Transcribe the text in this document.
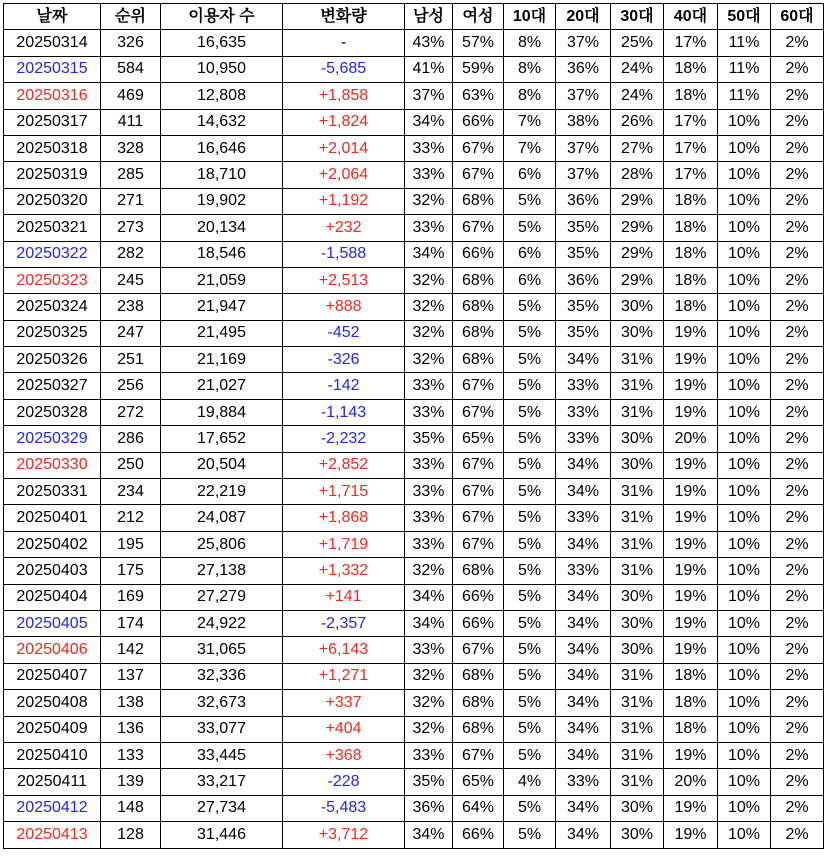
날짜	순위	이용자 수	변화량	남성	여성	10대	20대	30대	40대	50대	60대
20250314	326	16,635	-	43%	57%	8%	37%	25%	17%	11%	2%
20250315	584	10,950	-5,685	41%	59%	8%	36%	24%	18%	11%	2%
20250316	469	12,808	+1,858	37%	63%	8%	37%	24%	18%	11%	2%
20250317	411	14,632	+1,824	34%	66%	7%	38%	26%	17%	10%	2%
20250318	328	16,646	+2,014	33%	67%	7%	37%	27%	17%	10%	2%
20250319	285	18,710	+2,064	33%	67%	6%	37%	28%	17%	10%	2%
20250320	271	19,902	+1,192	32%	68%	5%	36%	29%	18%	10%	2%
20250321	273	20,134	+232	33%	67%	5%	35%	29%	18%	10%	2%
20250322	282	18,546	-1,588	34%	66%	6%	35%	29%	18%	10%	2%
20250323	245	21,059	+2,513	32%	68%	6%	36%	29%	18%	10%	2%
20250324	238	21,947	+888	32%	68%	5%	35%	30%	18%	10%	2%
20250325	247	21,495	-452	32%	68%	5%	35%	30%	19%	10%	2%
20250326	251	21,169	-326	32%	68%	5%	34%	31%	19%	10%	2%
20250327	256	21,027	-142	33%	67%	5%	33%	31%	19%	10%	2%
20250328	272	19,884	-1,143	33%	67%	5%	33%	31%	19%	10%	2%
20250329	286	17,652	-2,232	35%	65%	5%	33%	30%	20%	10%	2%
20250330	250	20,504	+2,852	33%	67%	5%	34%	30%	19%	10%	2%
20250331	234	22,219	+1,715	33%	67%	5%	34%	31%	19%	10%	2%
20250401	212	24,087	+1,868	33%	67%	5%	33%	31%	19%	10%	2%
20250402	195	25,806	+1,719	33%	67%	5%	34%	31%	19%	10%	2%
20250403	175	27,138	+1,332	32%	68%	5%	33%	31%	19%	10%	2%
20250404	169	27,279	+141	34%	66%	5%	34%	30%	19%	10%	2%
20250405	174	24,922	-2,357	34%	66%	5%	34%	30%	19%	10%	2%
20250406	142	31,065	+6,143	33%	67%	5%	34%	30%	19%	10%	2%
20250407	137	32,336	+1,271	32%	68%	5%	34%	31%	18%	10%	2%
20250408	138	32,673	+337	32%	68%	5%	34%	31%	18%	10%	2%
20250409	136	33,077	+404	32%	68%	5%	34%	31%	18%	10%	2%
20250410	133	33,445	+368	33%	67%	5%	34%	31%	19%	10%	2%
20250411	139	33,217	-228	35%	65%	4%	33%	31%	20%	10%	2%
20250412	148	27,734	-5,483	36%	64%	5%	34%	30%	19%	10%	2%
20250413	128	31,446	+3,712	34%	66%	5%	34%	30%	19%	10%	2%
